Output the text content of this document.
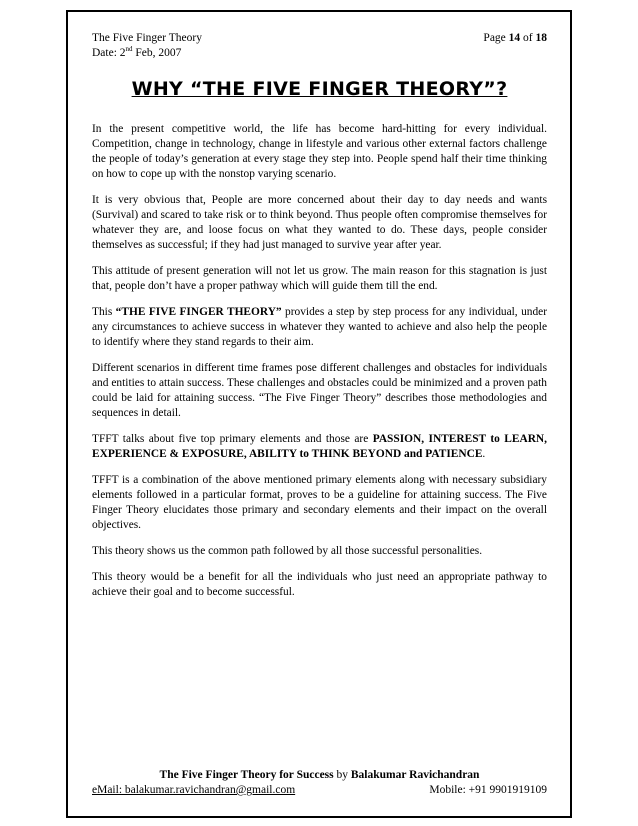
The Five Finger Theory	Page 14 of 18
Date: 2nd Feb, 2007
WHY “THE FIVE FINGER THEORY”?

In the present competitive world, the life has become hard-hitting for every individual. Competition, change in technology, change in lifestyle and various other external factors challenge the people of today’s generation at every stage they step into. People spend half their time thinking on how to cope up with the nonstop varying scenario.

It is very obvious that, People are more concerned about their day to day needs and wants (Survival) and scared to take risk or to think beyond. Thus people often compromise themselves for whatever they are, and loose focus on what they wanted to do. These days, people consider themselves as successful; if they had just managed to survive year after year.

This attitude of present generation will not let us grow. The main reason for this stagnation is just that, people don’t have a proper pathway which will guide them till the end.

This “THE FIVE FINGER THEORY” provides a step by step process for any individual, under any circumstances to achieve success in whatever they wanted to achieve and also help the people to identify where they stand regards to their aim.

Different scenarios in different time frames pose different challenges and obstacles for individuals and entities to attain success. These challenges and obstacles could be minimized and a proven path could be laid for attaining success. “The Five Finger Theory” describes those methodologies and sequences in detail.

TFFT talks about five top primary elements and those are PASSION, INTEREST to LEARN, EXPERIENCE & EXPOSURE, ABILITY to THINK BEYOND and PATIENCE.

TFFT is a combination of the above mentioned primary elements along with necessary subsidiary elements followed in a particular format, proves to be a guideline for attaining success. The Five Finger Theory elucidates those primary and secondary elements and their impact on the overall objectives.

This theory shows us the common path followed by all those successful personalities.

This theory would be a benefit for all the individuals who just need an appropriate pathway to achieve their goal and to become successful.

The Five Finger Theory for Success by Balakumar Ravichandran
eMail: balakumar.ravichandran@gmail.com	Mobile: +91 9901919109
